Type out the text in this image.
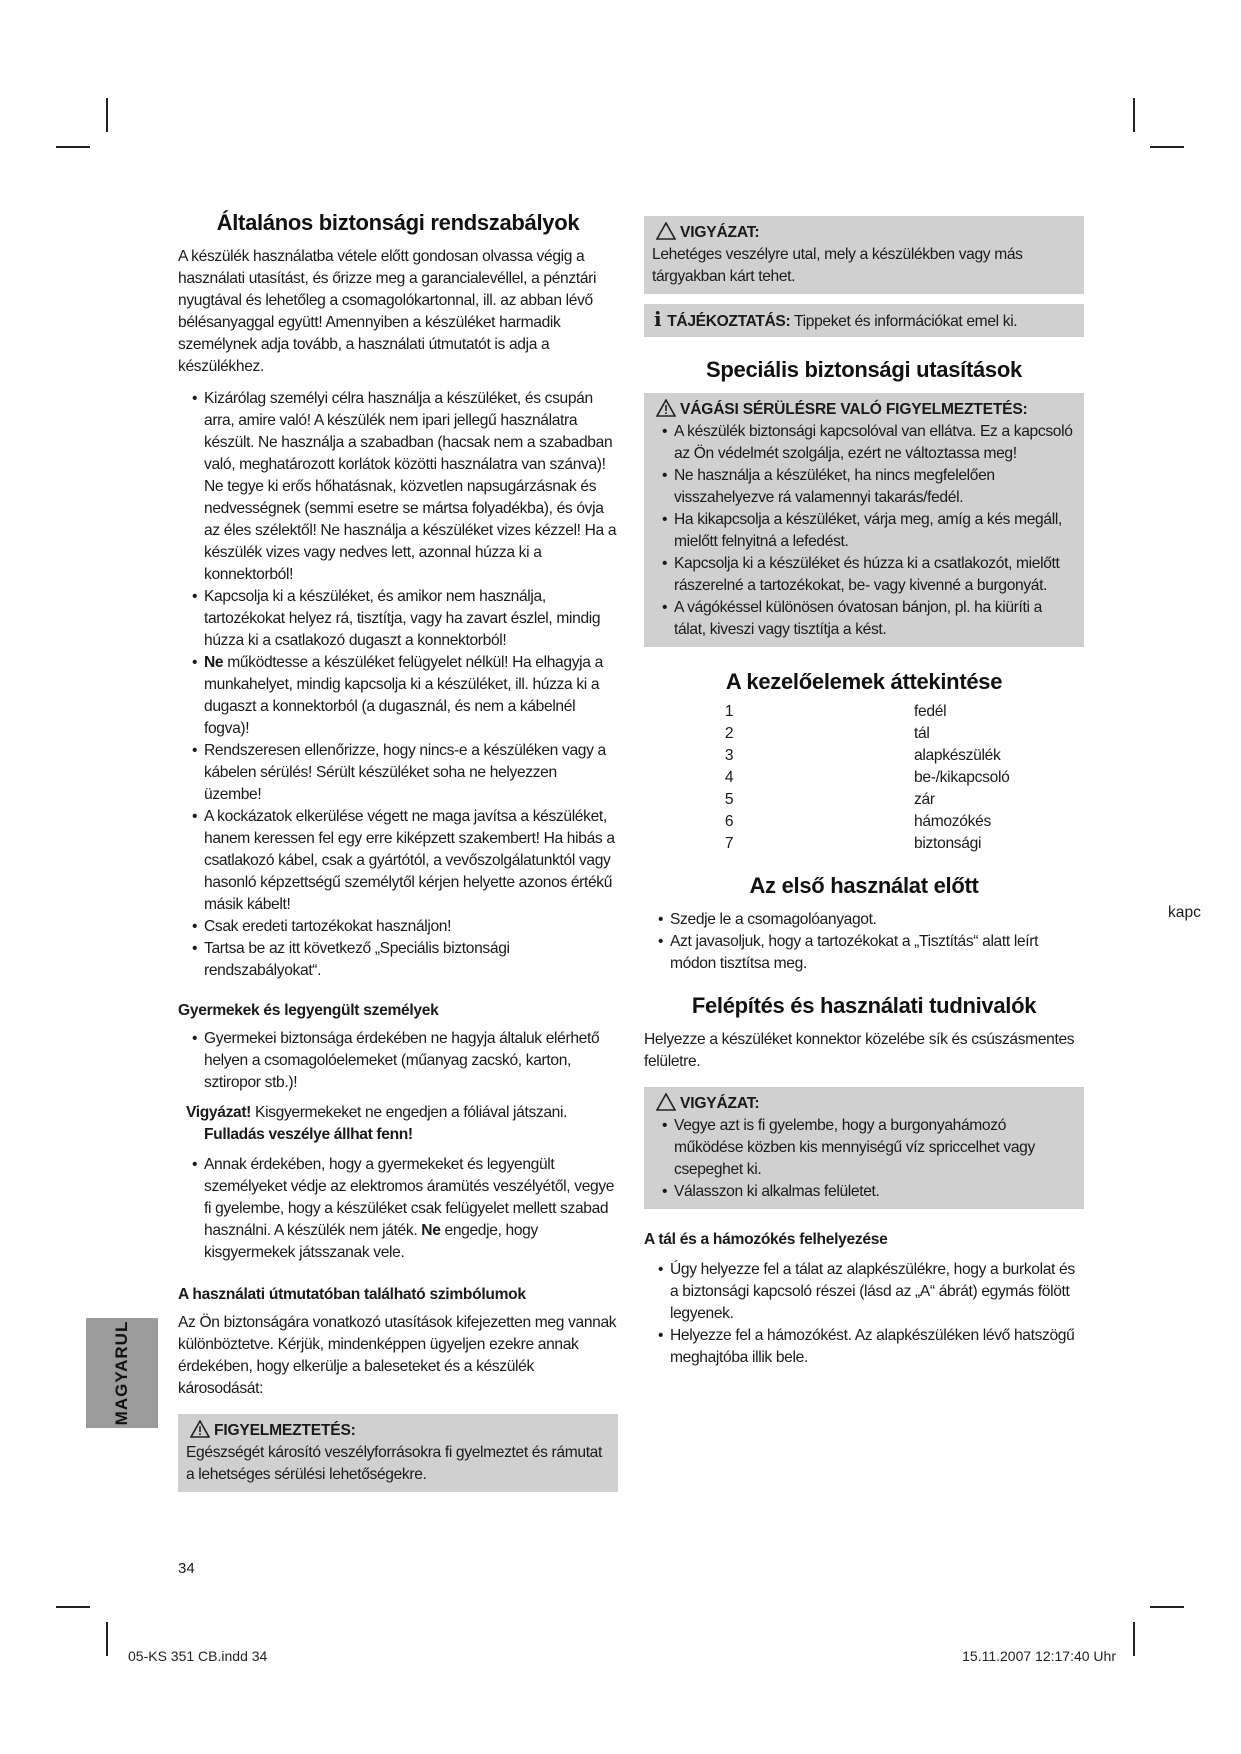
Általános biztonsági rendszabályok

A készülék használatba vétele előtt gondosan olvassa végig a használati utasítást, és őrizze meg a garancialevéllel, a pénztári nyugtával és lehetőleg a csomagolókartonnal, ill. az abban lévő bélésanyaggal együtt! Amennyiben a készüléket harmadik személynek adja tovább, a használati útmutatót is adja a készülékhez.

• Kizárólag személyi célra használja a készüléket, és csupán arra, amire való! A készülék nem ipari jellegű használatra készült. Ne használja a szabadban (hacsak nem a szabadban való, meghatározott korlátok közötti használatra van szánva)! Ne tegye ki erős hőhatásnak, közvetlen napsugárzásnak és nedvességnek (semmi esetre se mártsa folyadékba), és óvja az éles szélektől! Ne használja a készüléket vizes kézzel! Ha a készülék vizes vagy nedves lett, azonnal húzza ki a konnektorból!
• Kapcsolja ki a készüléket, és amikor nem használja, tartozékokat helyez rá, tisztítja, vagy ha zavart észlel, mindig húzza ki a csatlakozó dugaszt a konnektorból!
• Ne működtesse a készüléket felügyelet nélkül! Ha elhagyja a munkahelyet, mindig kapcsolja ki a készüléket, ill. húzza ki a dugaszt a konnektorból (a dugasznál, és nem a kábelnél fogva)!
• Rendszeresen ellenőrizze, hogy nincs-e a készüléken vagy a kábelen sérülés! Sérült készüléket soha ne helyezzen üzembe!
• A kockázatok elkerülése végett ne maga javítsa a készüléket, hanem keressen fel egy erre kiképzett szakembert! Ha hibás a csatlakozó kábel, csak a gyártótól, a vevőszolgálatunktól vagy hasonló képzettségű személytől kérjen helyette azonos értékű másik kábelt!
• Csak eredeti tartozékokat használjon!
• Tartsa be az itt következő „Speciális biztonsági rendszabályokat“.
Gyermekek és legyengült személyek
• Gyermekei biztonsága érdekében ne hagyja általuk elérhető helyen a csomagolóelemeket (műanyag zacskó, karton, sztiropor stb.)!

Vigyázat! Kisgyermekeket ne engedjen a fóliával játszani.
Fulladás veszélye állhat fenn!

• Annak érdekében, hogy a gyermekeket és legyengült személyeket védje az elektromos áramütés veszélyétől, vegye fi gyelembe, hogy a készüléket csak felügyelet mellett szabad használni. A készülék nem játék. Ne engedje, hogy kisgyermekek játsszanak vele.
A használati útmutatóban található szimbólumok

Az Ön biztonságára vonatkozó utasítások kifejezetten meg vannak különböztetve. Kérjük, mindenképpen ügyeljen ezekre annak érdekében, hogy elkerülje a baleseteket és a készülék károsodását:

FIGYELMEZTETÉS:

Egészségét károsító veszélyforrásokra fi gyelmeztet és rámutat a lehetséges sérülési lehetőségekre.

VIGYÁZAT:

Lehetéges veszélyre utal, mely a készülékben vagy más tárgyakban kárt tehet.

i TÁJÉKOZTATÁS: Tippeket és információkat emel ki.

Speciális biztonsági utasítások
VÁGÁSI SÉRÜLÉSRE VALÓ FIGYELMEZTETÉS:
• A készülék biztonsági kapcsolóval van ellátva. Ez a kapcsoló az Ön védelmét szolgálja, ezért ne változtassa meg!
• Ne használja a készüléket, ha nincs megfelelően visszahelyezve rá valamennyi takarás/fedél.
• Ha kikapcsolja a készüléket, várja meg, amíg a kés megáll, mielőtt felnyitná a lefedést.
• Kapcsolja ki a készüléket és húzza ki a csatlakozót, mielőtt rászerelné a tartozékokat, be- vagy kivenné a burgonyát.
• A vágókéssel különösen óvatosan bánjon, pl. ha kiüríti a tálat, kiveszi vagy tisztítja a kést.
A kezelőelemek áttekintése
1	fedél
2	tál
3	alapkészülék
4	be-/kikapcsoló
5	zár
6	hámozókés
7	biztonsági
Az első használat előtt
• Szedje le a csomagolóanyagot.
• Azt javasoljuk, hogy a tartozékokat a „Tisztítás“ alatt leírt módon tisztítsa meg.
Felépítés és használati tudnivalók

Helyezze a készüléket konnektor közelébe sík és csúszásmentes felületre.

VIGYÁZAT:
• Vegye azt is fi gyelembe, hogy a burgonyahámozó működése közben kis mennyiségű víz spriccelhet vagy csepeghet ki.
• Válasszon ki alkalmas felületet.
A tál és a hámozókés felhelyezése
• Úgy helyezze fel a tálat az alapkészülékre, hogy a burkolat és a biztonsági kapcsoló részei (lásd az „A“ ábrát) egymás fölött legyenek.
• Helyezze fel a hámozókést. Az alapkészüléken lévő hatszögű meghajtóba illik bele.
kapc
MAGYARUL
34
05-KS 351 CB.indd 34	15.11.2007 12:17:40 Uhr
